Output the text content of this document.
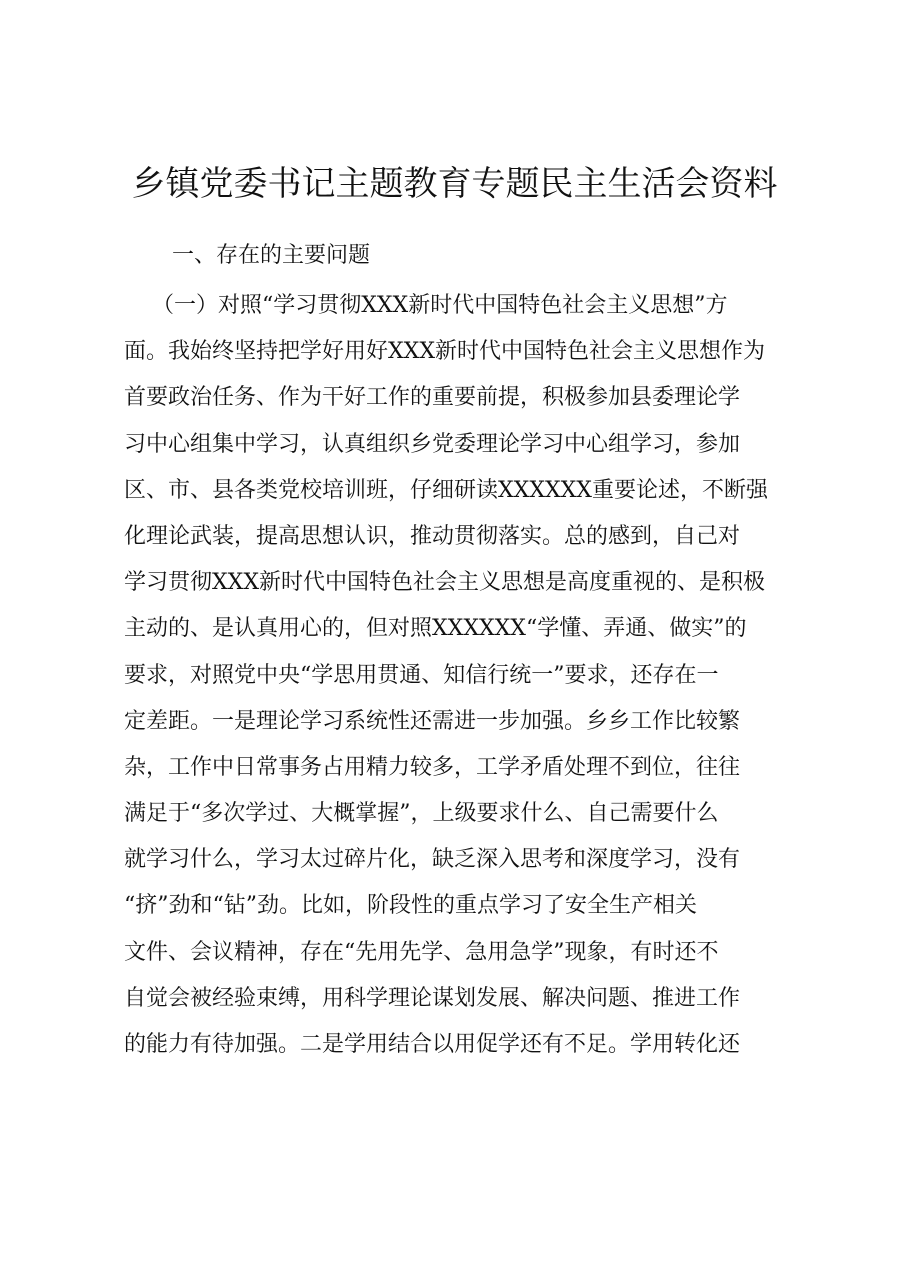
乡镇党委书记主题教育专题民主生活会资料
一、存在的主要问题
（一）对照“学习贯彻XXX新时代中国特色社会主义思想”方
面。我始终坚持把学好用好XXX新时代中国特色社会主义思想作为
首要政治任务、作为干好工作的重要前提，积极参加县委理论学
习中心组集中学习，认真组织乡党委理论学习中心组学习，参加
区、市、县各类党校培训班，仔细研读XXXXXX重要论述，不断强
化理论武装，提高思想认识，推动贯彻落实。总的感到，自己对
学习贯彻XXX新时代中国特色社会主义思想是高度重视的、是积极
主动的、是认真用心的，但对照XXXXXX“学懂、弄通、做实”的
要求，对照党中央“学思用贯通、知信行统一”要求，还存在一
定差距。一是理论学习系统性还需进一步加强。乡乡工作比较繁
杂，工作中日常事务占用精力较多，工学矛盾处理不到位，往往
满足于“多次学过、大概掌握”，上级要求什么、自己需要什么
就学习什么，学习太过碎片化，缺乏深入思考和深度学习，没有
“挤”劲和“钻”劲。比如，阶段性的重点学习了安全生产相关
文件、会议精神，存在“先用先学、急用急学”现象，有时还不
自觉会被经验束缚，用科学理论谋划发展、解决问题、推进工作
的能力有待加强。二是学用结合以用促学还有不足。学用转化还
